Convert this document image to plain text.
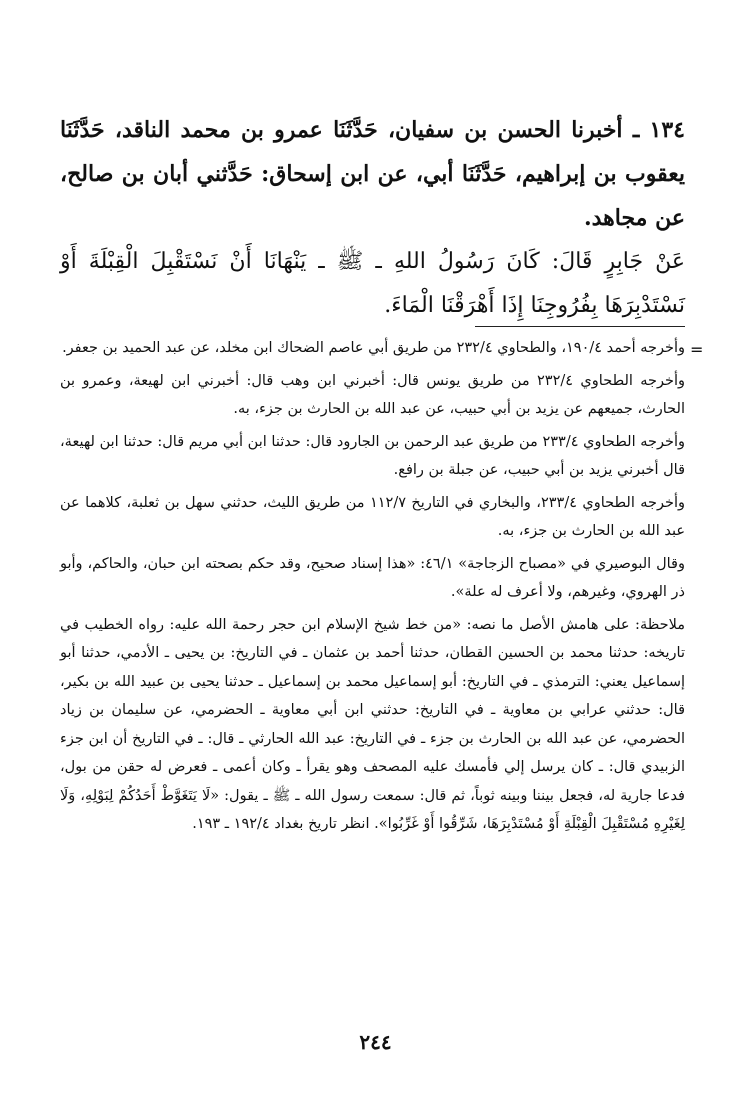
١٣٤ ـ أخبرنا الحسن بن سفيان، حَدَّثَنَا عمرو بن محمد الناقد، حَدَّثَنَا يعقوب بن إبراهيم، حَدَّثَنَا أبي، عن ابن إسحاق: حَدَّثني أبان بن صالح، عن مجاهد.

عَنْ جَابِرٍ قَالَ: كَانَ رَسُولُ اللهِ ـ ﷺ ـ يَنْهَانَا أَنْ نَسْتَقْبِلَ الْقِبْلَةَ أَوْ نَسْتَدْبِرَهَا بِفُرُوجِنَا إِذَا أَهْرَقْنَا الْمَاءَ.

=

وأخرجه أحمد ١٩٠/٤، والطحاوي ٢٣٢/٤ من طريق أبي عاصم الضحاك ابن مخلد، عن عبد الحميد بن جعفر.

وأخرجه الطحاوي ٢٣٢/٤ من طريق يونس قال: أخبرني ابن وهب قال: أخبرني ابن لهيعة، وعمرو بن الحارث، جميعهم عن يزيد بن أبي حبيب، عن عبد الله بن الحارث بن جزء، به.

وأخرجه الطحاوي ٢٣٣/٤ من طريق عبد الرحمن بن الجارود قال: حدثنا ابن أبي مريم قال: حدثنا ابن لهيعة، قال أخبرني يزيد بن أبي حبيب، عن جبلة بن رافع.

وأخرجه الطحاوي ٢٣٣/٤، والبخاري في التاريخ ١١٢/٧ من طريق الليث، حدثني سهل بن ثعلبة، كلاهما عن عبد الله بن الحارث بن جزء، به.

وقال البوصيري في «مصباح الزجاجة» ٤٦/١: «هذا إسناد صحيح، وقد حكم بصحته ابن حبان، والحاكم، وأبو ذر الهروي، وغيرهم، ولا أعرف له علة».

ملاحظة: على هامش الأصل ما نصه: «من خط شيخ الإسلام ابن حجر رحمة الله عليه: رواه الخطيب في تاريخه: حدثنا محمد بن الحسين القطان، حدثنا أحمد بن عثمان ـ في التاريخ: بن يحيى ـ الأدمي، حدثنا أبو إسماعيل يعني: الترمذي ـ في التاريخ: أبو إسماعيل محمد بن إسماعيل ـ حدثنا يحيى بن عبيد الله بن بكير، قال: حدثني عرابي بن معاوية ـ في التاريخ: حدثني ابن أبي معاوية ـ الحضرمي، عن سليمان بن زياد الحضرمي، عن عبد الله بن الحارث بن جزء ـ في التاريخ: عبد الله الحارثي ـ قال: ـ في التاريخ أن ابن جزء الزبيدي قال: ـ كان يرسل إلي فأمسك عليه المصحف وهو يقرأ ـ وكان أعمى ـ فعرض له حقن من بول، فدعا جارية له، فجعل بيننا وبينه ثوباً، ثم قال: سمعت رسول الله ـ ﷺ ـ يقول: «لَا يَتَغَوَّطْ أَحَدُكُمْ لِبَوْلِهِ، وَلَا لِغَيْرِهِ مُسْتَقْبِلَ الْقِبْلَةِ أَوْ مُسْتَدْبِرَهَا، شَرِّقُوا أَوْ غَرِّبُوا». انظر تاريخ بغداد ١٩٢/٤ ـ ١٩٣.

٢٤٤
